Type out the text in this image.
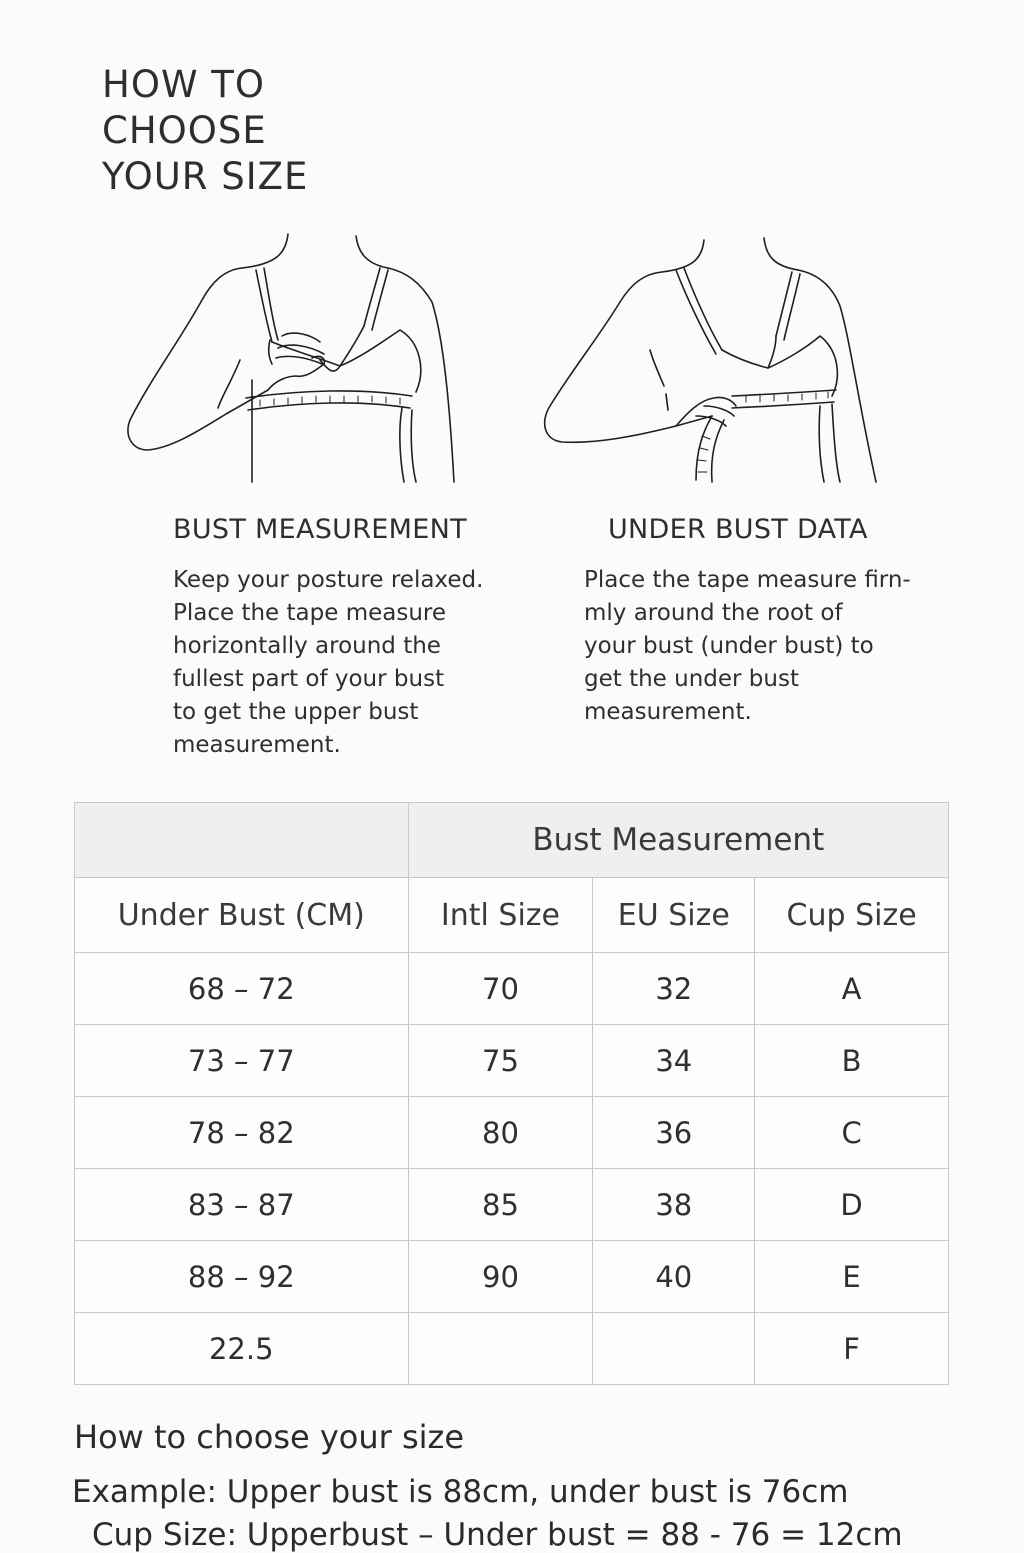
HOW TO
CHOOSE
YOUR SIZE
BUST MEASUREMENT
Keep your posture relaxed.
Place the tape measure
horizontally around the
fullest part of your bust
to get the upper bust
measurement.
UNDER BUST DATA
Place the tape measure firn-
mly around the root of
your bust (under bust) to
get the under bust
measurement.
	Bust Measurement		
Under Bust (CM)	Intl Size	EU Size	Cup Size
68 – 72	70	32	A
73 – 77	75	34	B
78 – 82	80	36	C
83 – 87	85	38	D
88 – 92	90	40	E
22.5			F
How to choose your size
Example: Upper bust is 88cm, under bust is 76cm
Cup Size: Upperbust – Under bust = 88 - 76 = 12cm
